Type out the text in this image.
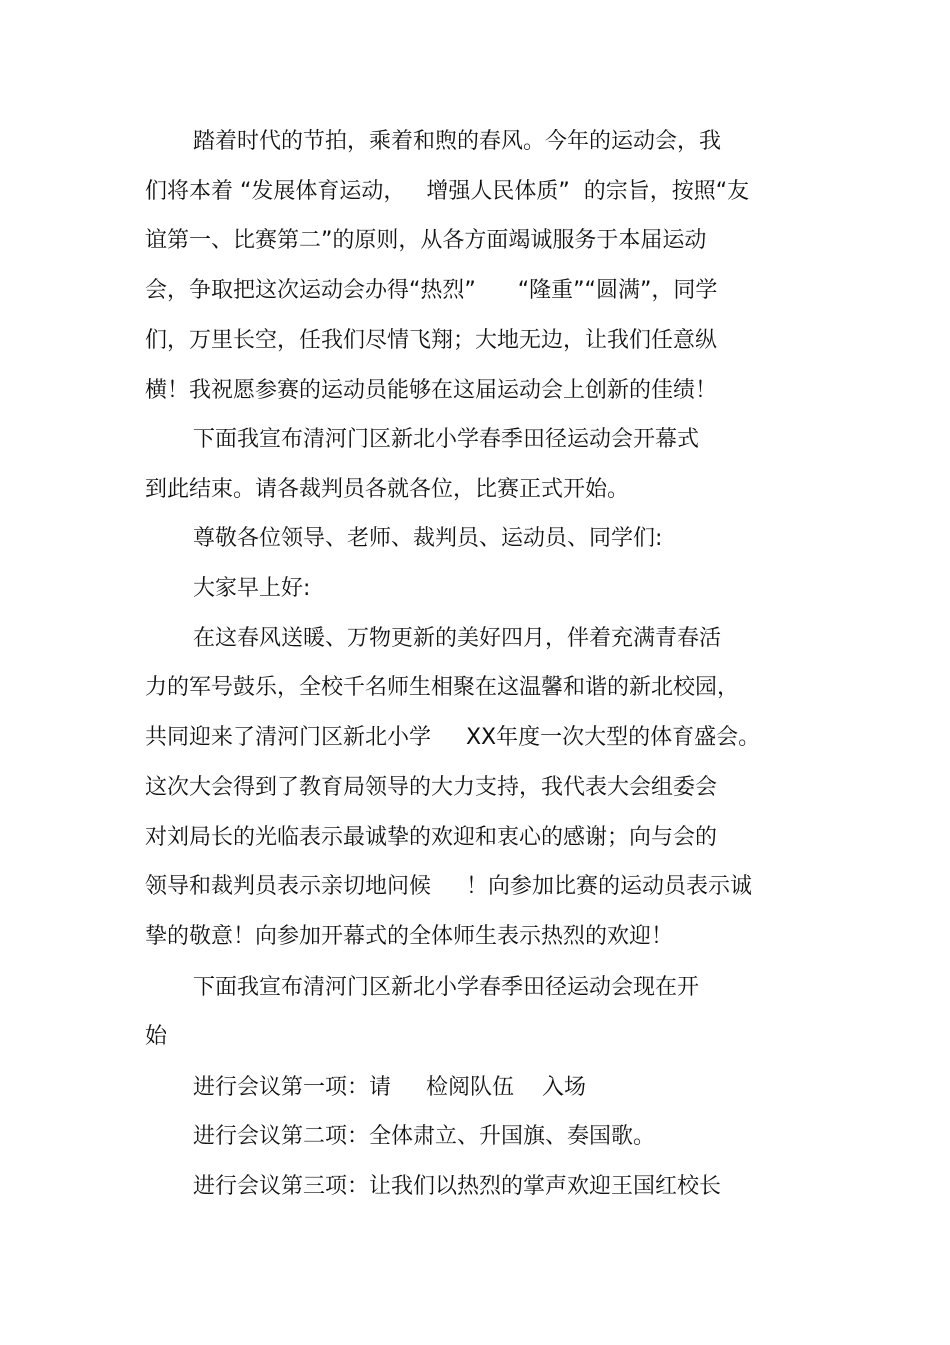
踏着时代的节拍，乘着和煦的春风。今年的运动会，我
们将本着 “发展体育运动，   增强人民体质”  的宗旨，按照“友
谊第一、比赛第二”的原则，从各方面竭诚服务于本届运动
会，争取把这次运动会办得“热烈”      “隆重”“圆满”，同学
们，万里长空，任我们尽情飞翔；大地无边，让我们任意纵
横！我祝愿参赛的运动员能够在这届运动会上创新的佳绩！
下面我宣布清河门区新北小学春季田径运动会开幕式
到此结束。请各裁判员各就各位，比赛正式开始。
尊敬各位领导、老师、裁判员、运动员、同学们:
大家早上好:
在这春风送暖、万物更新的美好四月，伴着充满青春活
力的军号鼓乐，全校千名师生相聚在这温馨和谐的新北校园，
共同迎来了清河门区新北小学     XX年度一次大型的体育盛会。
这次大会得到了教育局领导的大力支持，我代表大会组委会
对刘局长的光临表示最诚挚的欢迎和衷心的感谢；向与会的
领导和裁判员表示亲切地问候     ！向参加比赛的运动员表示诚
挚的敬意！向参加开幕式的全体师生表示热烈的欢迎！
下面我宣布清河门区新北小学春季田径运动会现在开
始
进行会议第一项：请     检阅队伍    入场
进行会议第二项：全体肃立、升国旗、奏国歌。
进行会议第三项：让我们以热烈的掌声欢迎王国红校长
